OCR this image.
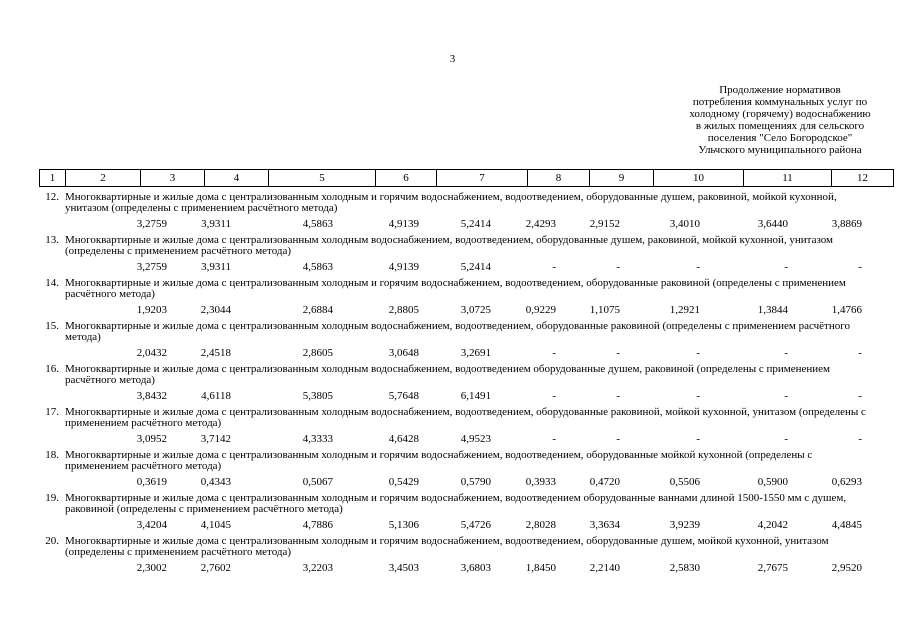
3
Продолжение нормативов
потребления коммунальных услуг по
холодному (горячему) водоснабжению
в жилых помещениях для сельского
поселения "Село Богородское"
Ульчского муниципального района
1	2	3	4	5	6	7	8	9	10	11	12
12. Многоквартирные и жилые дома с централизованным холодным и горячим водоснабжением, водоотведением, оборудованные душем, раковиной, мойкой кухонной, унитазом (определены с применением расчётного метода)
3,2759	3,9311	4,5863	4,9139	5,2414	2,4293	2,9152	3,4010	3,6440	3,8869
13. Многоквартирные и жилые дома с централизованным холодным водоснабжением, водоотведением, оборудованные душем, раковиной, мойкой кухонной, унитазом (определены с применением расчётного метода)
3,2759	3,9311	4,5863	4,9139	5,2414	-	-	-	-	-
14. Многоквартирные и жилые дома с централизованным холодным и горячим водоснабжением, водоотведением, оборудованные раковиной (определены с применением расчётного метода)
1,9203	2,3044	2,6884	2,8805	3,0725	0,9229	1,1075	1,2921	1,3844	1,4766
15. Многоквартирные и жилые дома с централизованным холодным водоснабжением, водоотведением, оборудованные раковиной (определены с применением расчётного метода)
2,0432	2,4518	2,8605	3,0648	3,2691	-	-	-	-	-
16. Многоквартирные и жилые дома с централизованным холодным водоснабжением, водоотведением оборудованные душем, раковиной (определены с применением расчётного метода)
3,8432	4,6118	5,3805	5,7648	6,1491	-	-	-	-	-
17. Многоквартирные и жилые дома с централизованным холодным водоснабжением, водоотведением, оборудованные раковиной, мойкой кухонной, унитазом (определены с применением расчётного метода)
3,0952	3,7142	4,3333	4,6428	4,9523	-	-	-	-	-
18. Многоквартирные и жилые дома с централизованным холодным и горячим водоснабжением, водоотведением, оборудованные мойкой кухонной (определены с применением расчётного метода)
0,3619	0,4343	0,5067	0,5429	0,5790	0,3933	0,4720	0,5506	0,5900	0,6293
19. Многоквартирные и жилые дома с централизованным холодным и горячим водоснабжением, водоотведением оборудованные ваннами длиной 1500-1550 мм с душем, раковиной (определены с применением расчётного метода)
3,4204	4,1045	4,7886	5,1306	5,4726	2,8028	3,3634	3,9239	4,2042	4,4845
20. Многоквартирные и жилые дома с централизованным холодным и горячим водоснабжением, водоотведением, оборудованные душем, мойкой кухонной, унитазом (определены с применением расчётного метода)
2,3002	2,7602	3,2203	3,4503	3,6803	1,8450	2,2140	2,5830	2,7675	2,9520
